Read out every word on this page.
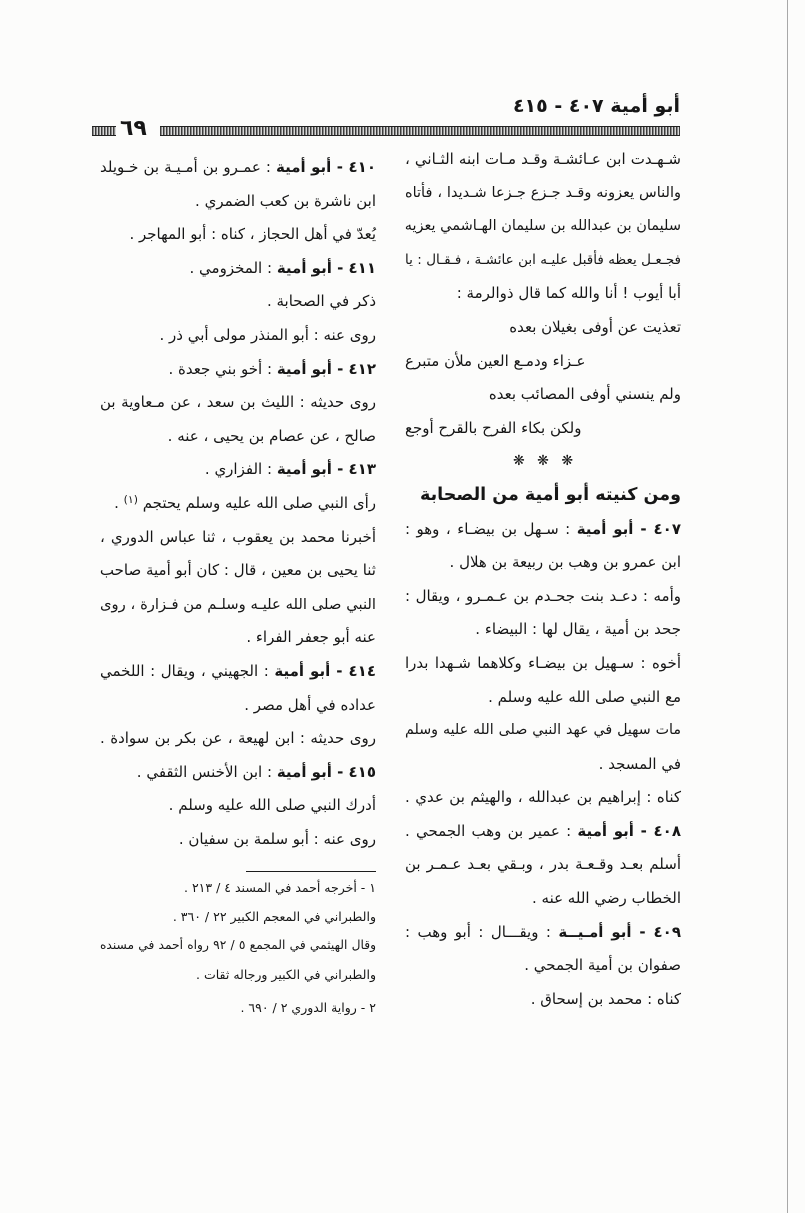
أبو أمية ٤٠٧ - ٤١٥
٦٩
شـهـدت ابن عـائشـة وقـد مـات ابنه الثـاني ،
والناس يعزونه وقـد جـزع جـزعا شـديدا ، فأتاه
سليمان بن عبدالله بن سليمان الهـاشمي يعزيه
فجـعـل يعظه فأقبل عليـه ابن عائشـة ، فـقـال : يا
أبا أيوب ! أنا والله كما قال ذوالرمة :
تعذيت عن أوفى بغيلان بعده
عـزاء ودمـع العين ملأن متبرع
ولم ينسني أوفى المصائب بعده
ولكن بكاء الفرح بالقرح أوجع
❋ ❋ ❋
ومن كنيته أبو أمية من الصحابة
٤٠٧ - أبو أمية : سـهل بن بيضـاء ، وهو :
ابن عمرو بن وهب بن ربيعة بن هلال .
وأمه : دعـد بنت جحـدم بن عـمـرو ، ويقال :
جحد بن أمية ، يقال لها : البيضاء .
أخوه : سـهيل بن بيضـاء وكلاهما شـهدا بدرا
مع النبي صلى الله عليه وسلم .
مات سهيل في عهد النبي صلى الله عليه وسلم
في المسجد .
كناه : إبراهيم بن عبدالله ، والهيثم بن عدي .
٤٠٨ - أبو أمية : عمير بن وهب الجمحي .
أسلم بعـد وقـعـة بدر ، وبـقي بعـد عـمـر بن
الخطاب رضي الله عنه .
٤٠٩ - أبو أمـيــة : ويقـــال : أبو وهب :
صفوان بن أمية الجمحي .
كناه : محمد بن إسحاق .
٤١٠ - أبو أمية : عمـرو بن أمـيـة بن خـويلد
ابن ناشرة بن كعب الضمري .
يُعدّ في أهل الحجاز ، كناه : أبو المهاجر .
٤١١ - أبو أمية : المخزومي .
ذكر في الصحابة .
روى عنه : أبو المنذر مولى أبي ذر .
٤١٢ - أبو أمية : أخو بني جعدة .
روى حديثه : الليث بن سعد ، عن مـعاوية بن
صالح ، عن عصام بن يحيى ، عنه .
٤١٣ - أبو أمية : الفزاري .
رأى النبي صلى الله عليه وسلم يحتجم $^{(١)}$ .
أخبرنا محمد بن يعقوب ، ثنا عباس الدوري ،
ثنا يحيى بن معين ، قال : كان أبو أمية صاحب
النبي صلى الله عليـه وسلـم من فـزارة ، روى
عنه أبو جعفر الفراء .
٤١٤ - أبو أمية : الجهيني ، ويقال : اللخمي
عداده في أهل مصر .
روى حديثه : ابن لهيعة ، عن بكر بن سوادة .
٤١٥ - أبو أمية : ابن الأخنس الثقفي .
أدرك النبي صلى الله عليه وسلم .
روى عنه : أبو سلمة بن سفيان .
١ - أخرجه أحمد في المسند ٤ / ٢١٣ .
والطبراني في المعجم الكبير ٢٢ / ٣٦٠ .
وقال الهيثمي في المجمع ٥ / ٩٢ رواه أحمد في مسنده
والطبراني في الكبير ورجاله ثقات .
٢ - رواية الدوري ٢ / ٦٩٠ .
